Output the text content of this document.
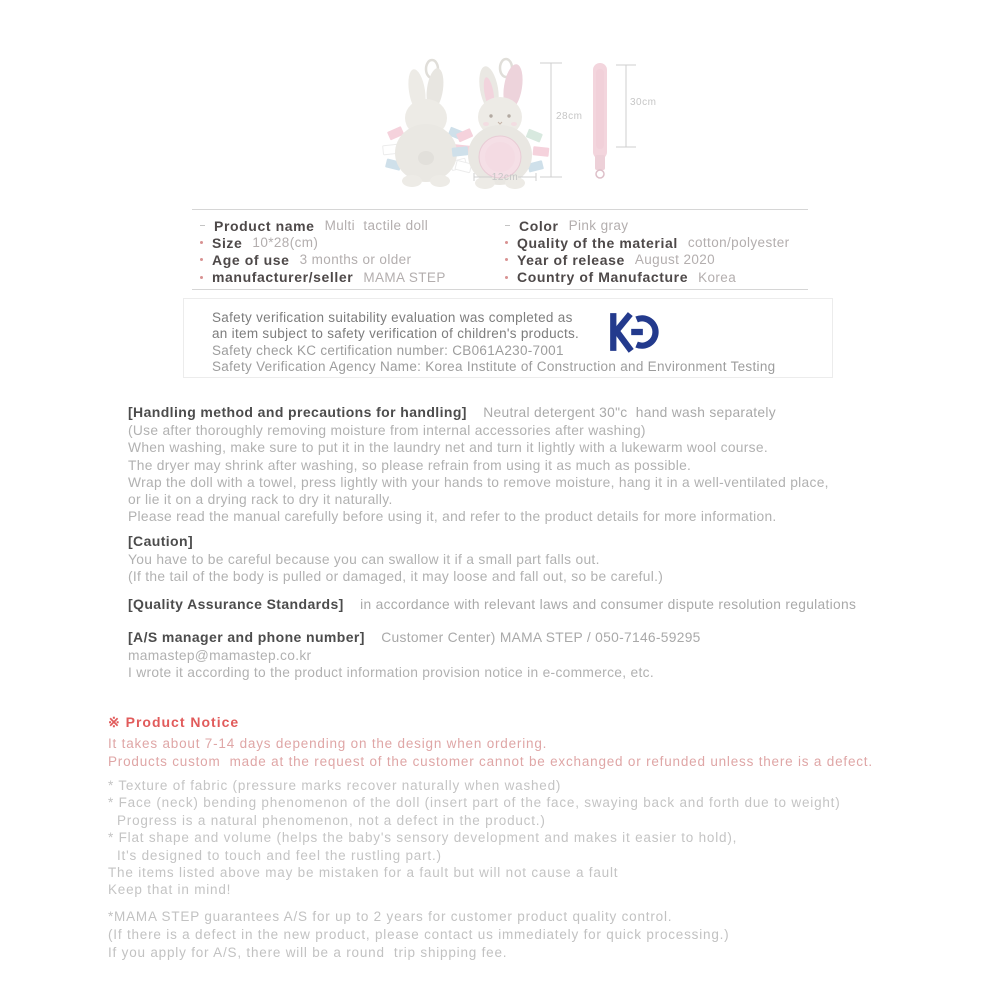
28cm
30cm
12cm
Product name Multi  tactile doll
Size 10*28(cm)
Age of use 3 months or older
manufacturer/seller MAMA STEP
Color Pink gray
Quality of the material cotton/polyester
Year of release August 2020
Country of Manufacture Korea
Safety verification suitability evaluation was completed as
an item subject to safety verification of children's products.
Safety check KC certification number: CB061A230-7001
Safety Verification Agency Name: Korea Institute of Construction and Environment Testing
[Handling method and precautions for handling] Neutral detergent 30"c  hand wash separately
(Use after thoroughly removing moisture from internal accessories after washing)
When washing, make sure to put it in the laundry net and turn it lightly with a lukewarm wool course.
The dryer may shrink after washing, so please refrain from using it as much as possible.
Wrap the doll with a towel, press lightly with your hands to remove moisture, hang it in a well-ventilated place,
or lie it on a drying rack to dry it naturally.
Please read the manual carefully before using it, and refer to the product details for more information.
[Caution]
You have to be careful because you can swallow it if a small part falls out.
(If the tail of the body is pulled or damaged, it may loose and fall out, so be careful.)
[Quality Assurance Standards] in accordance with relevant laws and consumer dispute resolution regulations
[A/S manager and phone number] Customer Center) MAMA STEP / 050-7146-59295
mamastep@mamastep.co.kr
I wrote it according to the product information provision notice in e-commerce, etc.
※ Product Notice
It takes about 7-14 days depending on the design when ordering.
Products custom  made at the request of the customer cannot be exchanged or refunded unless there is a defect.
* Texture of fabric (pressure marks recover naturally when washed)
* Face (neck) bending phenomenon of the doll (insert part of the face, swaying back and forth due to weight)
Progress is a natural phenomenon, not a defect in the product.)
* Flat shape and volume (helps the baby's sensory development and makes it easier to hold),
It's designed to touch and feel the rustling part.)
The items listed above may be mistaken for a fault but will not cause a fault
Keep that in mind!
*MAMA STEP guarantees A/S for up to 2 years for customer product quality control.
(If there is a defect in the new product, please contact us immediately for quick processing.)
If you apply for A/S, there will be a round  trip shipping fee.
